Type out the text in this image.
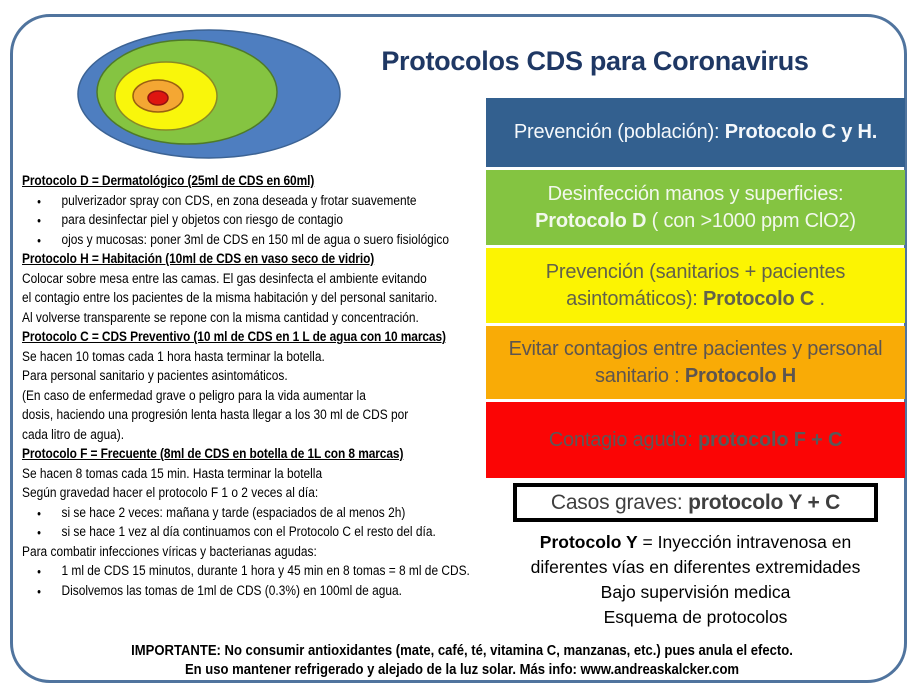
Protocolos CDS para Coronavirus
Protocolo D = Dermatológico (25ml de CDS en 60ml)
• pulverizador spray con CDS, en zona deseada y frotar suavemente
• para desinfectar piel y objetos con riesgo de contagio
• ojos y mucosas: poner 3ml de CDS en 150 ml de agua o suero fisiológico
Protocolo H = Habitación (10ml de CDS en vaso seco de vidrio)
Colocar sobre mesa entre las camas. El gas desinfecta el ambiente evitando
el contagio entre los pacientes de la misma habitación y del personal sanitario.
Al volverse transparente se repone con la misma cantidad y concentración.
Protocolo C = CDS Preventivo (10 ml de CDS en 1 L de agua con 10 marcas)
Se hacen 10 tomas cada 1 hora hasta terminar la botella.
Para personal sanitario y pacientes asintomáticos.
(En caso de enfermedad grave o peligro para la vida aumentar la
dosis, haciendo una progresión lenta hasta llegar a los 30 ml de CDS por
cada litro de agua).
Protocolo F = Frecuente (8ml de CDS en botella de 1L con 8 marcas)
Se hacen 8 tomas cada 15 min. Hasta terminar la botella
Según gravedad hacer el protocolo F 1 o 2 veces al día:
• si se hace 2 veces: mañana y tarde (espaciados de al menos 2h)
• si se hace 1 vez al día continuamos con el Protocolo C el resto del día.
Para combatir infecciones víricas y bacterianas agudas:
• 1 ml de CDS 15 minutos, durante 1 hora y 45 min en 8 tomas = 8 ml de CDS.
• Disolvemos las tomas de 1ml de CDS (0.3%) en 100ml de agua.
Prevención (población): Protocolo C y H.
Desinfección manos y superficies: Protocolo D ( con >1000 ppm ClO2)
Prevención (sanitarios + pacientes asintomáticos): Protocolo C .
Evitar contagios entre pacientes y personal sanitario : Protocolo H
Contagio agudo: protocolo F + C
Casos graves: protocolo Y + C
Protocolo Y = Inyección intravenosa en
diferentes vías en diferentes extremidades
Bajo supervisión medica
Esquema de protocolos
IMPORTANTE: No consumir antioxidantes (mate, café, té, vitamina C, manzanas, etc.) pues anula el efecto.
En uso mantener refrigerado y alejado de la luz solar. Más info: www.andreaskalcker.com
